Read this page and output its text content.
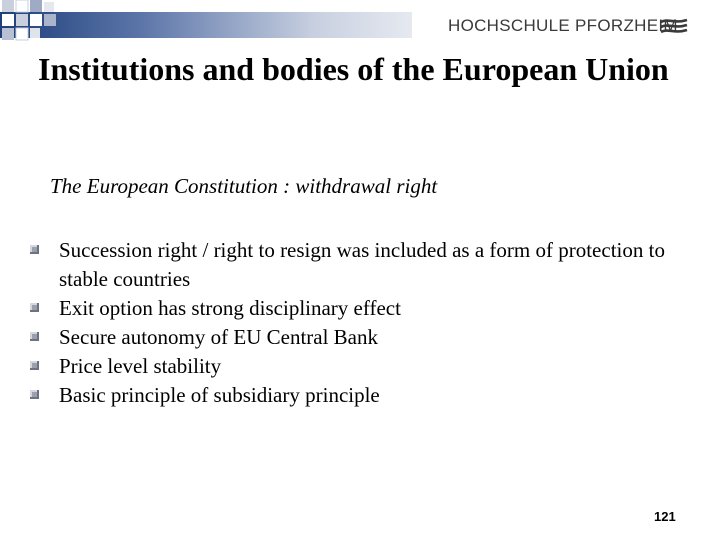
HOCHSCHULE PFORZHEIM
Institutions and bodies of the European Union
The European Constitution : withdrawal right
Succession right / right to resign was included as a form of protection to stable countries
Exit option has strong disciplinary effect
Secure autonomy of EU Central Bank
Price level stability
Basic principle of subsidiary principle
121
